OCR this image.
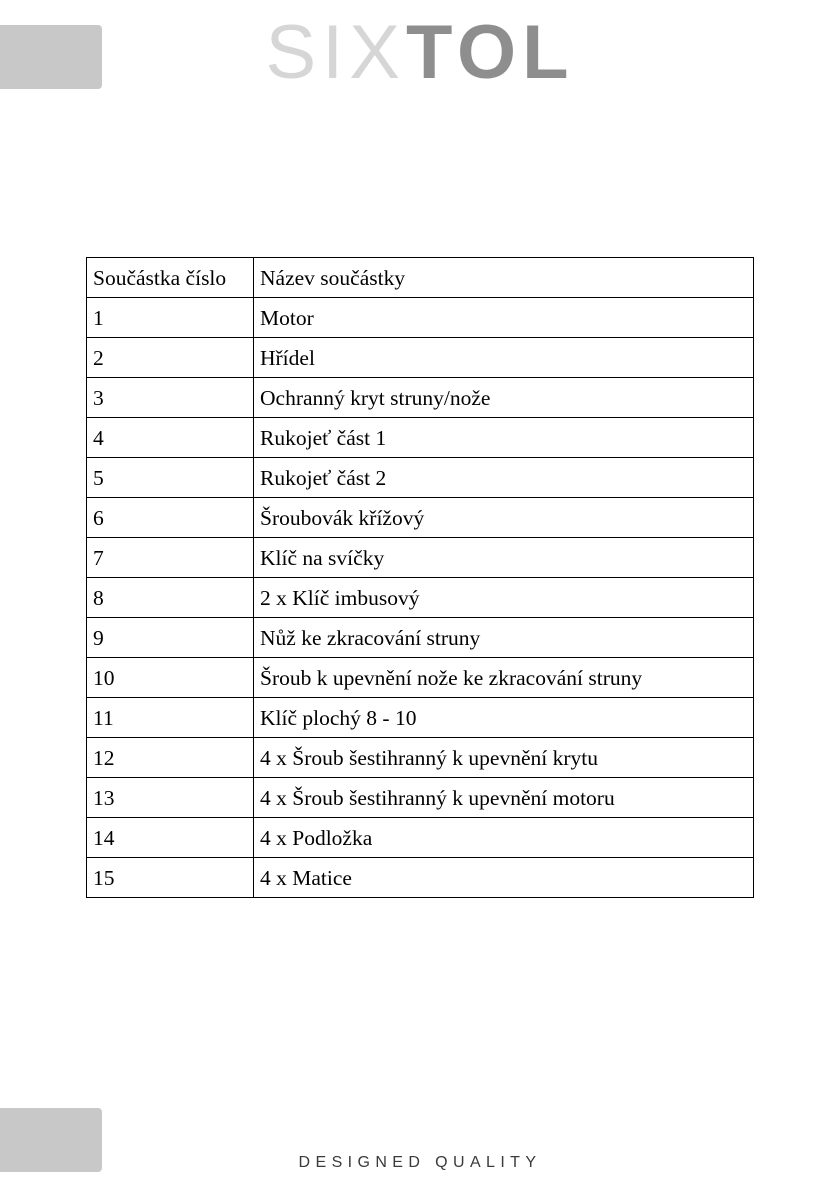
SIXTOL
Součástka číslo	Název součástky
1	Motor
2	Hřídel
3	Ochranný kryt struny/nože
4	Rukojeť část 1
5	Rukojeť část 2
6	Šroubovák křížový
7	Klíč na svíčky
8	2 x Klíč imbusový
9	Nůž ke zkracování struny
10	Šroub k upevnění nože ke zkracování struny
11	Klíč plochý 8 - 10
12	4 x Šroub šestihranný k upevnění krytu
13	4 x Šroub šestihranný k upevnění motoru
14	4 x Podložka
15	4 x Matice
DESIGNED QUALITY
